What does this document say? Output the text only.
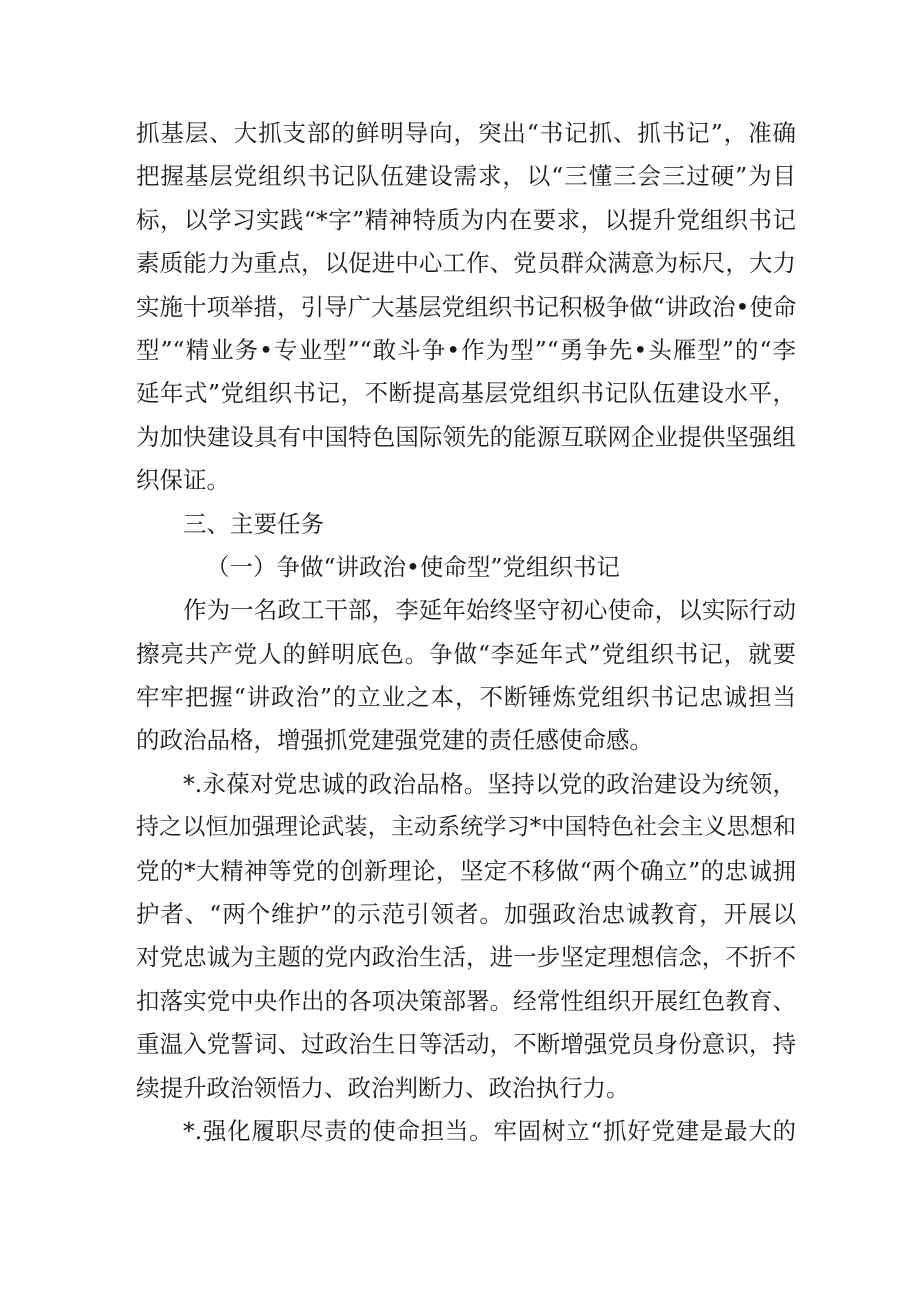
抓基层、大抓支部的鲜明导向，突出“书记抓、抓书记”，准确
把握基层党组织书记队伍建设需求，以“三懂三会三过硬”为目
标，以学习实践“*字”精神特质为内在要求，以提升党组织书记
素质能力为重点，以促进中心工作、党员群众满意为标尺，大力
实施十项举措，引导广大基层党组织书记积极争做“讲政治•使命
型”“精业务•专业型”“敢斗争•作为型”“勇争先•头雁型”的“李
延年式”党组织书记，不断提高基层党组织书记队伍建设水平，
为加快建设具有中国特色国际领先的能源互联网企业提供坚强组
织保证。
三、主要任务
（一）争做“讲政治•使命型”党组织书记
作为一名政工干部，李延年始终坚守初心使命，以实际行动
擦亮共产党人的鲜明底色。争做“李延年式”党组织书记，就要
牢牢把握“讲政治”的立业之本，不断锤炼党组织书记忠诚担当
的政治品格，增强抓党建强党建的责任感使命感。
*.永葆对党忠诚的政治品格。坚持以党的政治建设为统领，
持之以恒加强理论武装，主动系统学习*中国特色社会主义思想和
党的*大精神等党的创新理论，坚定不移做“两个确立”的忠诚拥
护者、“两个维护”的示范引领者。加强政治忠诚教育，开展以
对党忠诚为主题的党内政治生活，进一步坚定理想信念，不折不
扣落实党中央作出的各项决策部署。经常性组织开展红色教育、
重温入党誓词、过政治生日等活动，不断增强党员身份意识，持
续提升政治领悟力、政治判断力、政治执行力。
*.强化履职尽责的使命担当。牢固树立“抓好党建是最大的
